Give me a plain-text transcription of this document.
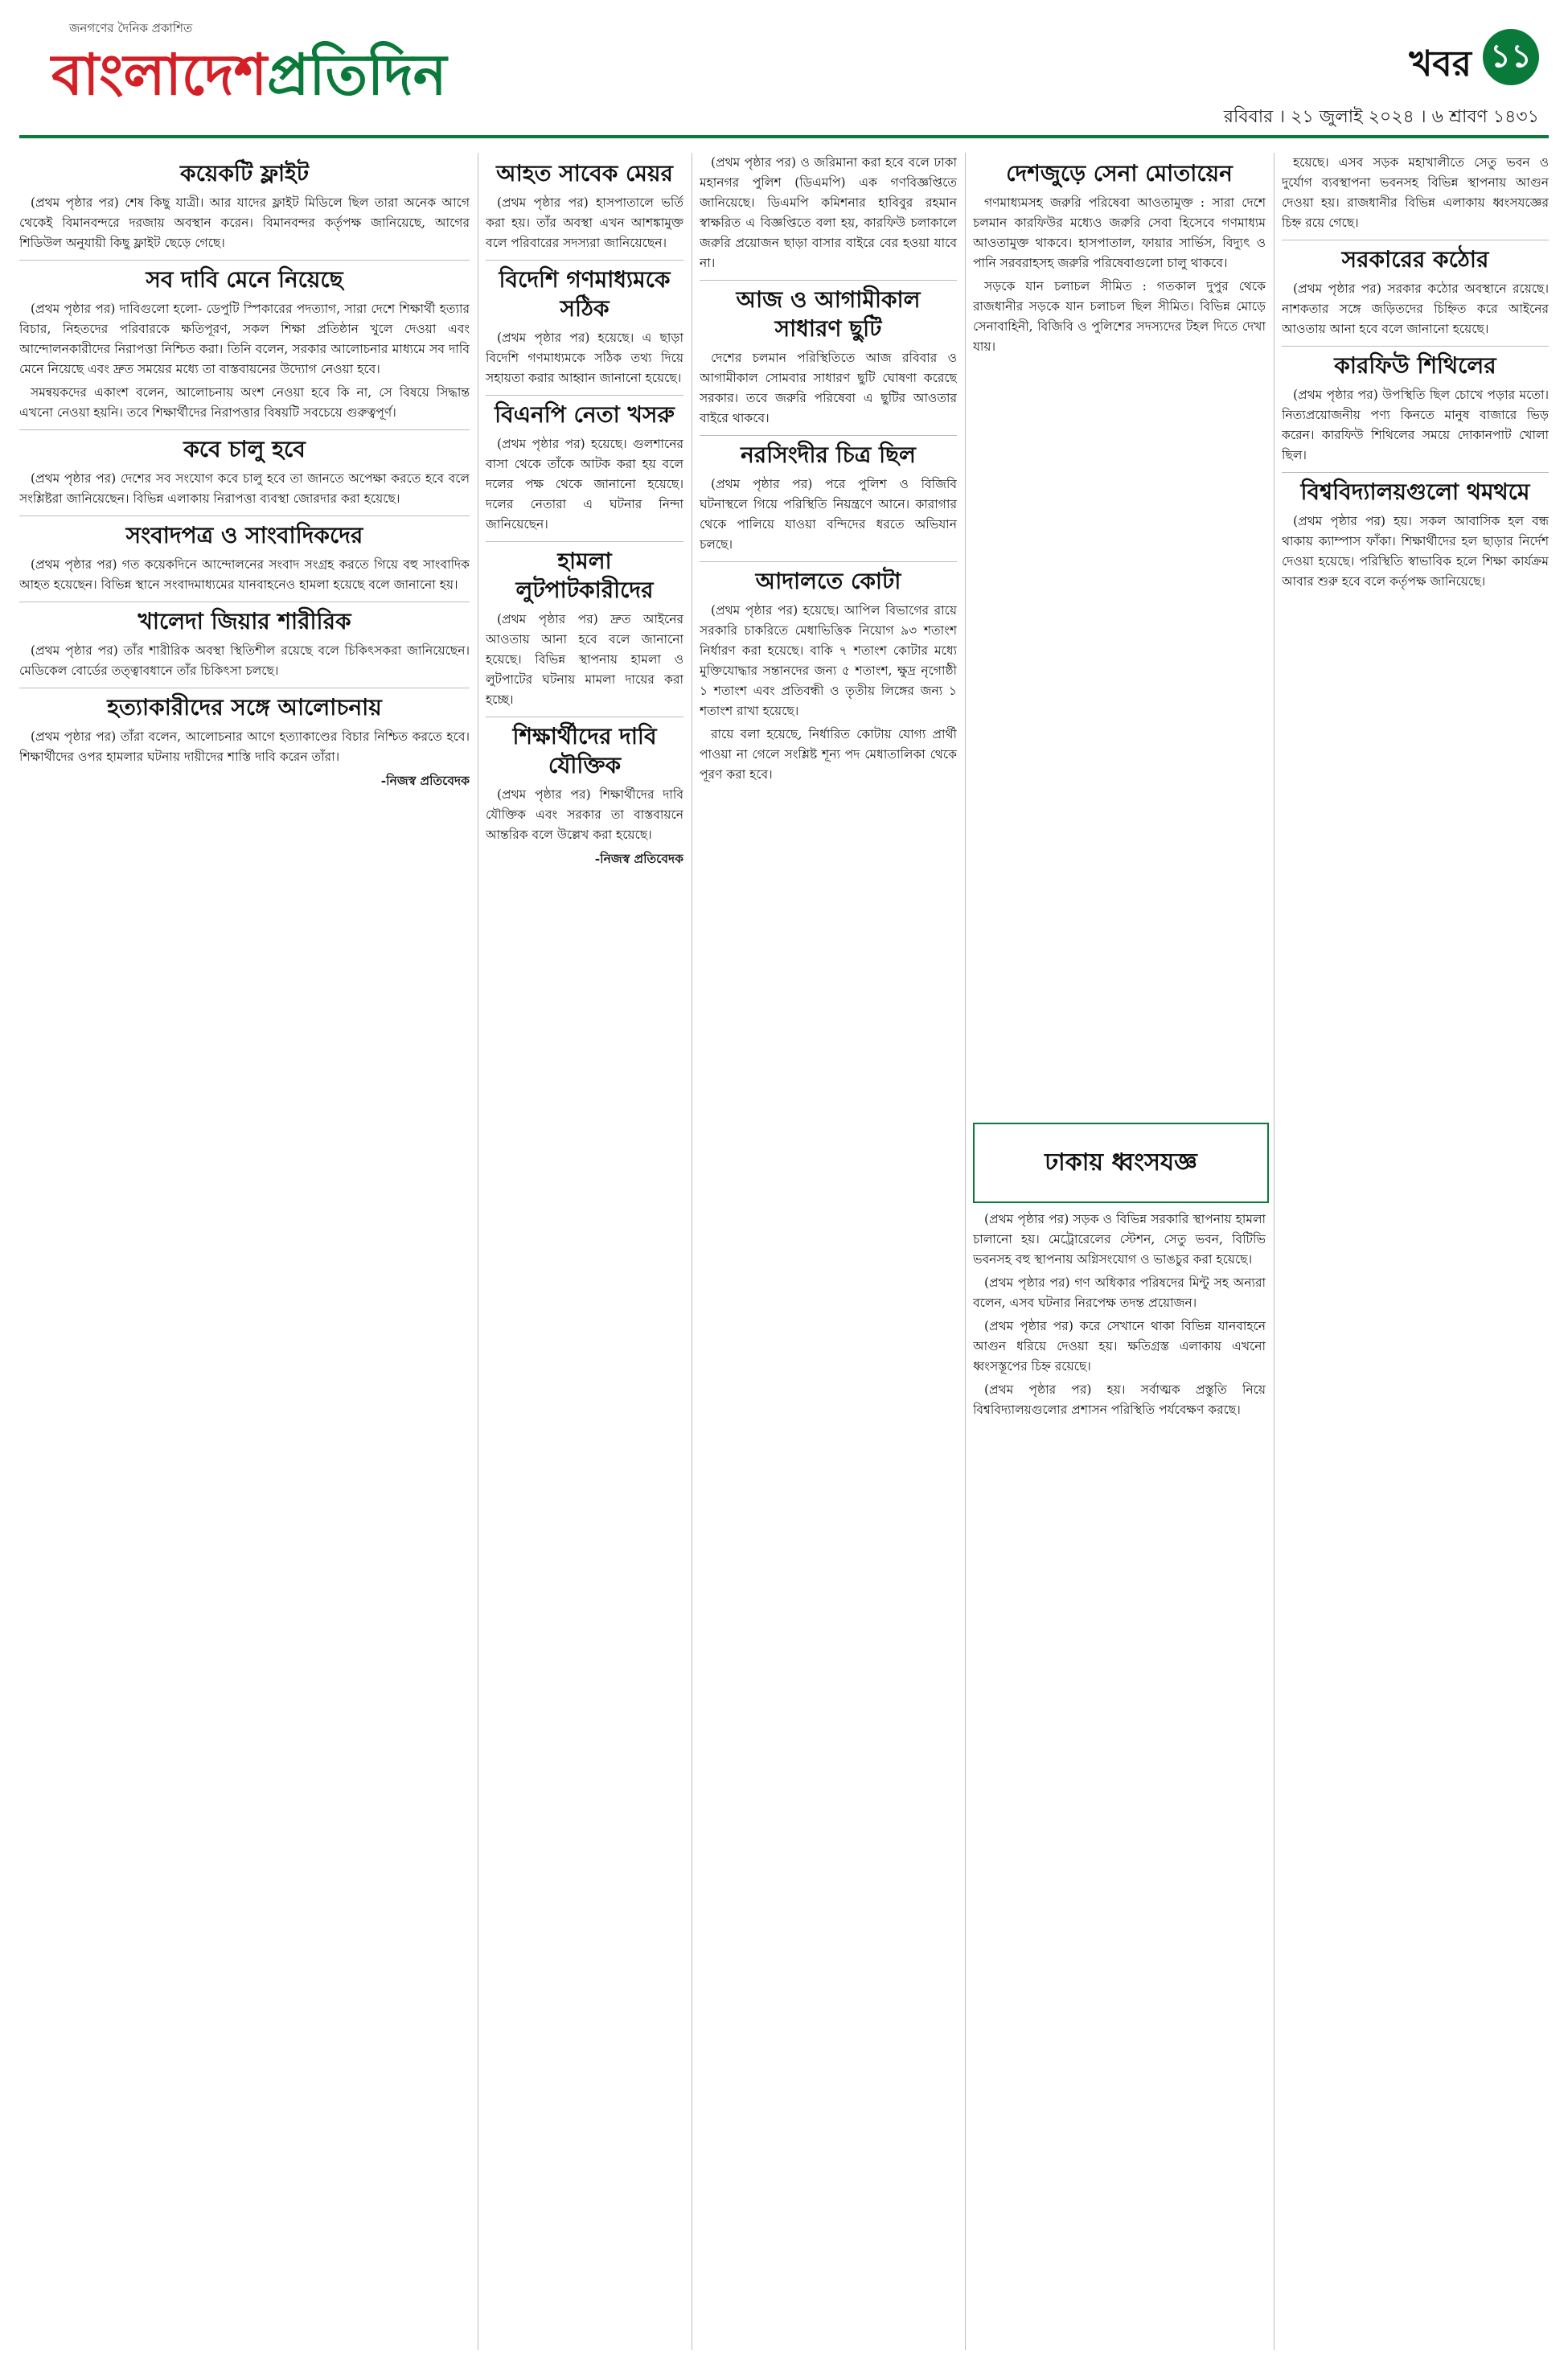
জনগণের দৈনিক প্রকাশিত
বাংলাদেশপ্রতিদিন	খবর ১১
রবিবার । ২১ জুলাই ২০২৪ । ৬ শ্রাবণ ১৪৩১
কয়েকটি ফ্লাইট

(প্রথম পৃষ্ঠার পর) শেষ কিছু যাত্রী। আর যাদের ফ্লাইট মিডিলে ছিল তারা অনেক আগে থেকেই বিমানবন্দরে দরজায় অবস্থান করেন। বিমানবন্দর কর্তৃপক্ষ জানিয়েছে, আগের শিডিউল অনুযায়ী কিছু ফ্লাইট ছেড়ে গেছে।

সব দাবি মেনে নিয়েছে

(প্রথম পৃষ্ঠার পর) দাবিগুলো হলো- ডেপুটি স্পিকারের পদত্যাগ, সারা দেশে শিক্ষার্থী হত্যার বিচার, নিহতদের পরিবারকে ক্ষতিপূরণ, সকল শিক্ষা প্রতিষ্ঠান খুলে দেওয়া এবং আন্দোলনকারীদের নিরাপত্তা নিশ্চিত করা। তিনি বলেন, সরকার আলোচনার মাধ্যমে সব দাবি মেনে নিয়েছে এবং দ্রুত সময়ের মধ্যে তা বাস্তবায়নের উদ্যোগ নেওয়া হবে।

সমন্বয়কদের একাংশ বলেন, আলোচনায় অংশ নেওয়া হবে কি না, সে বিষয়ে সিদ্ধান্ত এখনো নেওয়া হয়নি। তবে শিক্ষার্থীদের নিরাপত্তার বিষয়টি সবচেয়ে গুরুত্বপূর্ণ।

কবে চালু হবে

(প্রথম পৃষ্ঠার পর) দেশের সব সংযোগ কবে চালু হবে তা জানতে অপেক্ষা করতে হবে বলে সংশ্লিষ্টরা জানিয়েছেন। বিভিন্ন এলাকায় নিরাপত্তা ব্যবস্থা জোরদার করা হয়েছে।

সংবাদপত্র ও সাংবাদিকদের

(প্রথম পৃষ্ঠার পর) গত কয়েকদিনে আন্দোলনের সংবাদ সংগ্রহ করতে গিয়ে বহু সাংবাদিক আহত হয়েছেন। বিভিন্ন স্থানে সংবাদমাধ্যমের যানবাহনেও হামলা হয়েছে বলে জানানো হয়।

খালেদা জিয়ার শারীরিক

(প্রথম পৃষ্ঠার পর) তাঁর শারীরিক অবস্থা স্থিতিশীল রয়েছে বলে চিকিৎসকরা জানিয়েছেন। মেডিকেল বোর্ডের তত্ত্বাবধানে তাঁর চিকিৎসা চলছে।

হত্যাকারীদের সঙ্গে আলোচনায়

(প্রথম পৃষ্ঠার পর) তাঁরা বলেন, আলোচনার আগে হত্যাকাণ্ডের বিচার নিশ্চিত করতে হবে। শিক্ষার্থীদের ওপর হামলার ঘটনায় দায়ীদের শাস্তি দাবি করেন তাঁরা।

-নিজস্ব প্রতিবেদক
আহত সাবেক মেয়র

(প্রথম পৃষ্ঠার পর) হাসপাতালে ভর্তি করা হয়। তাঁর অবস্থা এখন আশঙ্কামুক্ত বলে পরিবারের সদস্যরা জানিয়েছেন।

বিদেশি গণমাধ্যমকে সঠিক

(প্রথম পৃষ্ঠার পর) হয়েছে। এ ছাড়া বিদেশি গণমাধ্যমকে সঠিক তথ্য দিয়ে সহায়তা করার আহ্বান জানানো হয়েছে।

বিএনপি নেতা খসরু

(প্রথম পৃষ্ঠার পর) হয়েছে। গুলশানের বাসা থেকে তাঁকে আটক করা হয় বলে দলের পক্ষ থেকে জানানো হয়েছে। দলের নেতারা এ ঘটনার নিন্দা জানিয়েছেন।

হামলা লুটপাটকারীদের

(প্রথম পৃষ্ঠার পর) দ্রুত আইনের আওতায় আনা হবে বলে জানানো হয়েছে। বিভিন্ন স্থাপনায় হামলা ও লুটপাটের ঘটনায় মামলা দায়ের করা হচ্ছে।

শিক্ষার্থীদের দাবি যৌক্তিক

(প্রথম পৃষ্ঠার পর) শিক্ষার্থীদের দাবি যৌক্তিক এবং সরকার তা বাস্তবায়নে আন্তরিক বলে উল্লেখ করা হয়েছে।

-নিজস্ব প্রতিবেদক

(প্রথম পৃষ্ঠার পর) ও জরিমানা করা হবে বলে ঢাকা মহানগর পুলিশ (ডিএমপি) এক গণবিজ্ঞপ্তিতে জানিয়েছে। ডিএমপি কমিশনার হাবিবুর রহমান স্বাক্ষরিত এ বিজ্ঞপ্তিতে বলা হয়, কারফিউ চলাকালে জরুরি প্রয়োজন ছাড়া বাসার বাইরে বের হওয়া যাবে না।

আজ ও আগামীকাল সাধারণ ছুটি

দেশের চলমান পরিস্থিতিতে আজ রবিবার ও আগামীকাল সোমবার সাধারণ ছুটি ঘোষণা করেছে সরকার। তবে জরুরি পরিষেবা এ ছুটির আওতার বাইরে থাকবে।

নরসিংদীর চিত্র ছিল

(প্রথম পৃষ্ঠার পর) পরে পুলিশ ও বিজিবি ঘটনাস্থলে গিয়ে পরিস্থিতি নিয়ন্ত্রণে আনে। কারাগার থেকে পালিয়ে যাওয়া বন্দিদের ধরতে অভিযান চলছে।

আদালতে কোটা

(প্রথম পৃষ্ঠার পর) হয়েছে। আপিল বিভাগের রায়ে সরকারি চাকরিতে মেধাভিত্তিক নিয়োগ ৯৩ শতাংশ নির্ধারণ করা হয়েছে। বাকি ৭ শতাংশ কোটার মধ্যে মুক্তিযোদ্ধার সন্তানদের জন্য ৫ শতাংশ, ক্ষুদ্র নৃগোষ্ঠী ১ শতাংশ এবং প্রতিবন্ধী ও তৃতীয় লিঙ্গের জন্য ১ শতাংশ রাখা হয়েছে।

রায়ে বলা হয়েছে, নির্ধারিত কোটায় যোগ্য প্রার্থী পাওয়া না গেলে সংশ্লিষ্ট শূন্য পদ মেধাতালিকা থেকে পূরণ করা হবে।

দেশজুড়ে সেনা মোতায়েন

গণমাধ্যমসহ জরুরি পরিষেবা আওতামুক্ত : সারা দেশে চলমান কারফিউর মধ্যেও জরুরি সেবা হিসেবে গণমাধ্যম আওতামুক্ত থাকবে। হাসপাতাল, ফায়ার সার্ভিস, বিদ্যুৎ ও পানি সরবরাহসহ জরুরি পরিষেবাগুলো চালু থাকবে।

সড়কে যান চলাচল সীমিত : গতকাল দুপুর থেকে রাজধানীর সড়কে যান চলাচল ছিল সীমিত। বিভিন্ন মোড়ে সেনাবাহিনী, বিজিবি ও পুলিশের সদস্যদের টহল দিতে দেখা যায়।

ঢাকায় ধ্বংসযজ্ঞ

(প্রথম পৃষ্ঠার পর) সড়ক ও বিভিন্ন সরকারি স্থাপনায় হামলা চালানো হয়। মেট্রোরেলের স্টেশন, সেতু ভবন, বিটিভি ভবনসহ বহু স্থাপনায় অগ্নিসংযোগ ও ভাঙচুর করা হয়েছে।

(প্রথম পৃষ্ঠার পর) গণ অধিকার পরিষদের মিন্টু সহ অন্যরা বলেন, এসব ঘটনার নিরপেক্ষ তদন্ত প্রয়োজন।

(প্রথম পৃষ্ঠার পর) করে সেখানে থাকা বিভিন্ন যানবাহনে আগুন ধরিয়ে দেওয়া হয়। ক্ষতিগ্রস্ত এলাকায় এখনো ধ্বংসস্তূপের চিহ্ন রয়েছে।

(প্রথম পৃষ্ঠার পর) হয়। সর্বাত্মক প্রস্তুতি নিয়ে বিশ্ববিদ্যালয়গুলোর প্রশাসন পরিস্থিতি পর্যবেক্ষণ করছে।

হয়েছে। এসব সড়ক মহাখালীতে সেতু ভবন ও দুর্যোগ ব্যবস্থাপনা ভবনসহ বিভিন্ন স্থাপনায় আগুন দেওয়া হয়। রাজধানীর বিভিন্ন এলাকায় ধ্বংসযজ্ঞের চিহ্ন রয়ে গেছে।

সরকারের কঠোর

(প্রথম পৃষ্ঠার পর) সরকার কঠোর অবস্থানে রয়েছে। নাশকতার সঙ্গে জড়িতদের চিহ্নিত করে আইনের আওতায় আনা হবে বলে জানানো হয়েছে।

কারফিউ শিথিলের

(প্রথম পৃষ্ঠার পর) উপস্থিতি ছিল চোখে পড়ার মতো। নিত্যপ্রয়োজনীয় পণ্য কিনতে মানুষ বাজারে ভিড় করেন। কারফিউ শিথিলের সময়ে দোকানপাট খোলা ছিল।

বিশ্ববিদ্যালয়গুলো থমথমে

(প্রথম পৃষ্ঠার পর) হয়। সকল আবাসিক হল বন্ধ থাকায় ক্যাম্পাস ফাঁকা। শিক্ষার্থীদের হল ছাড়ার নির্দেশ দেওয়া হয়েছে। পরিস্থিতি স্বাভাবিক হলে শিক্ষা কার্যক্রম আবার শুরু হবে বলে কর্তৃপক্ষ জানিয়েছে।
